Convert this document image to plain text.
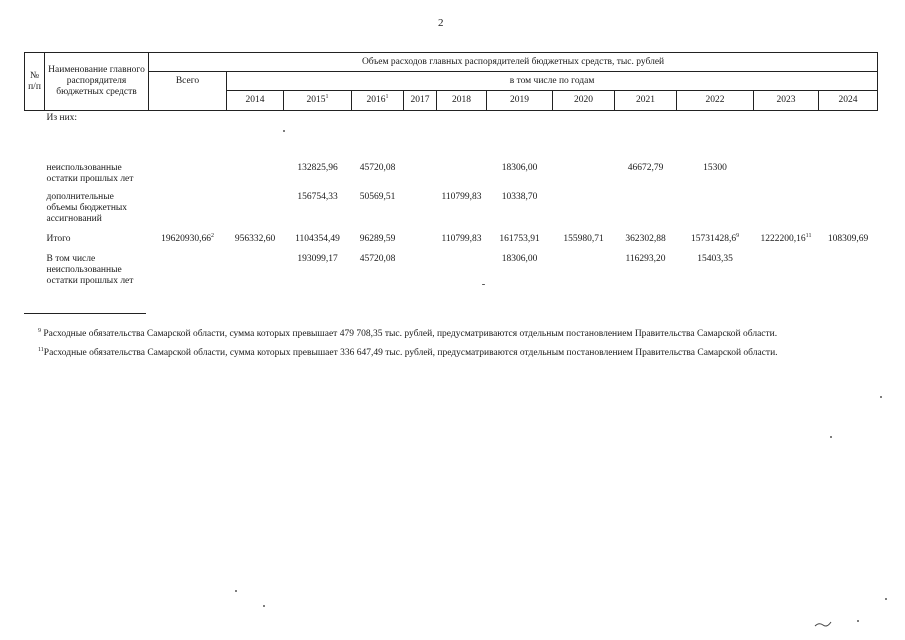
2
№ п/п	Наименование главного распорядителя бюджетных средств	Объем расходов главных распорядителей бюджетных средств, тыс. рублей											
		Всего	в том числе по годам										
			2014	2015$^1$	2016$^1$	2017	2018	2019	2020	2021	2022	2023	2024
	Из них:												
	неиспользованные остатки прошлых лет			132825,96	45720,08			18306,00		46672,79	15300		
	дополнительные объемы бюджетных ассигнований			156754,33	50569,51		110799,83	10338,70					
	Итого	19620930,66$^2$	956332,60	1104354,49	96289,59		110799,83	161753,91	155980,71	362302,88	15731428,6$^9$	1222200,16$^{11}$	108309,69
	В том числе неиспользованные остатки прошлых лет			193099,17	45720,08			18306,00		116293,20	15403,35		

$^9$ Расходные обязательства Самарской области, сумма которых превышает 479 708,35 тыс. рублей, предусматриваются отдельным постановлением Правительства Самарской области.

$^{11}$Расходные обязательства Самарской области, сумма которых превышает 336 647,49 тыс. рублей, предусматриваются отдельным постановлением Правительства Самарской области.
